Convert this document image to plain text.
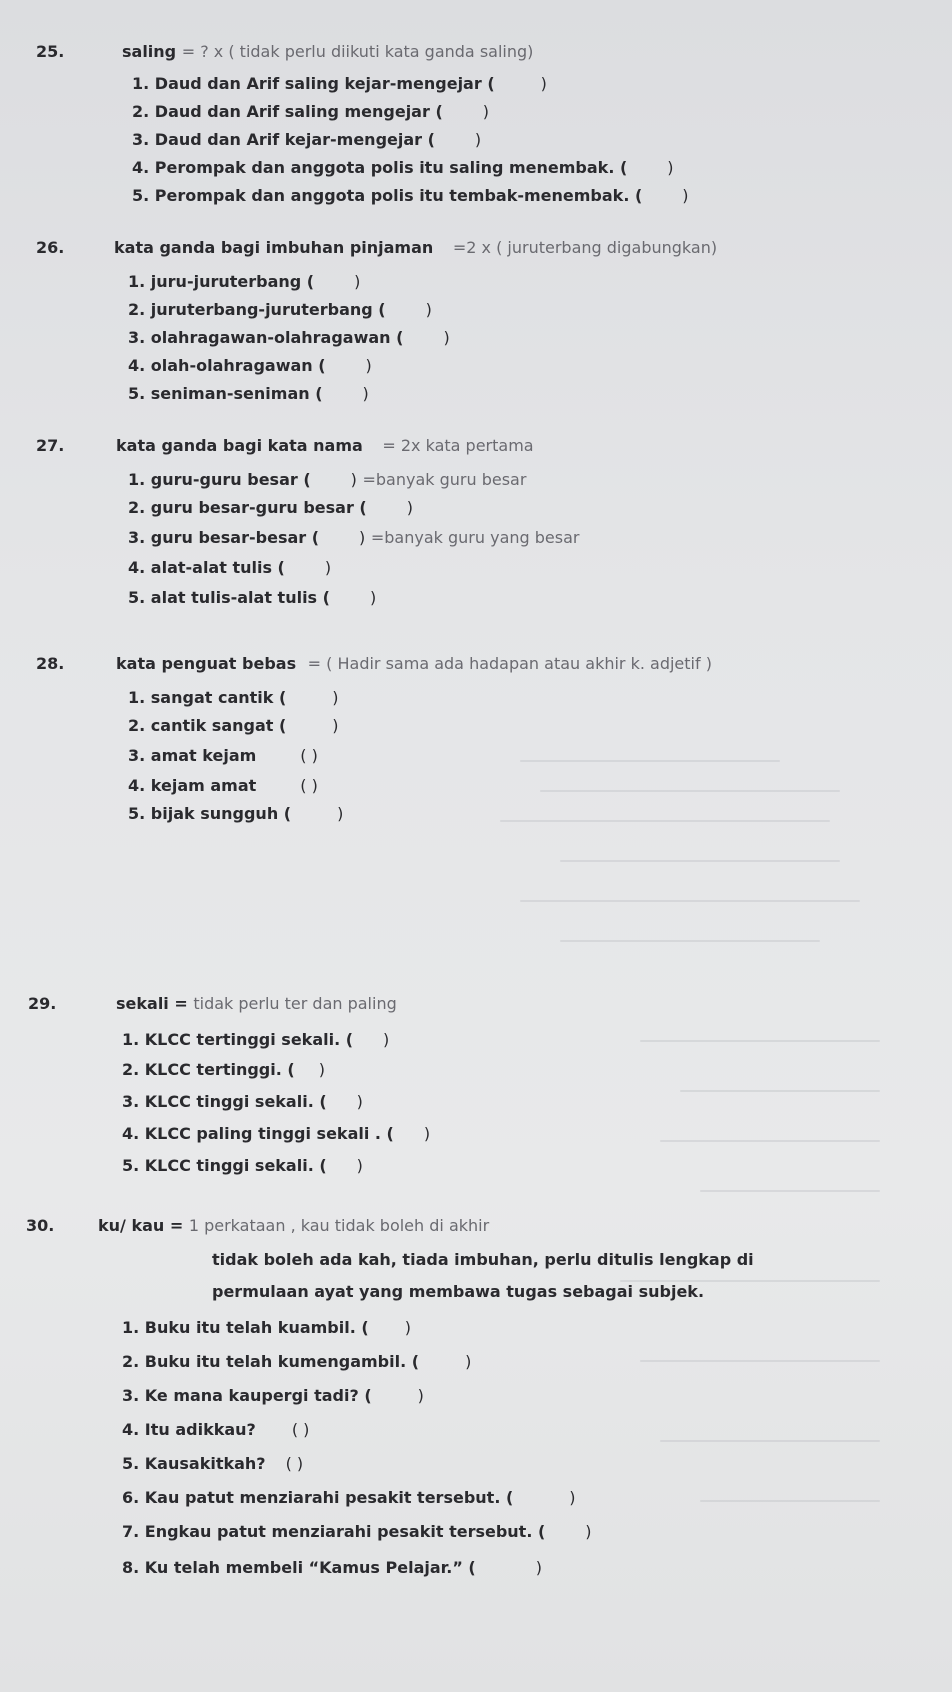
25.	saling = ? x ( tidak perlu diikuti kata ganda saling)
1. Daud dan Arif saling kejar-mengejar (	)
2. Daud dan Arif saling mengejar (	)
3. Daud dan Arif kejar-mengejar (	)
4. Perompak dan anggota polis itu saling menembak. (	)
5. Perompak dan anggota polis itu tembak-menembak. (	)
26.	kata ganda bagi imbuhan pinjaman =2 x ( juruterbang digabungkan)
1. juru-juruterbang (	)
2. juruterbang-juruterbang (	)
3. olahragawan-olahragawan (	)
4. olah-olahragawan (	)
5. seniman-seniman (	)
27.	kata ganda bagi kata nama = 2x kata pertama
1. guru-guru besar (	) =banyak guru besar
2. guru besar-guru besar (	)
3. guru besar-besar (	) =banyak guru yang besar
4. alat-alat tulis (	)
5. alat tulis-alat tulis (	)
28.	kata penguat bebas = ( Hadir sama ada hadapan atau akhir k. adjetif )
1. sangat cantik (	)
2. cantik sangat (	)
3. amat kejam	( )
4. kejam amat	( )
5. bijak sungguh (	)
29.	sekali = tidak perlu ter dan paling
1. KLCC tertinggi sekali. ( )
2. KLCC tertinggi. ( )
3. KLCC tinggi sekali. ( )
4. KLCC paling tinggi sekali . ( )
5. KLCC tinggi sekali. ( )
30.	ku/ kau = 1 perkataan , kau tidak boleh di akhir
tidak boleh ada kah, tiada imbuhan, perlu ditulis lengkap di
permulaan ayat yang membawa tugas sebagai subjek.
1. Buku itu telah kuambil. ( )
2. Buku itu telah kumengambil. (	)
3. Ke mana kaupergi tadi? (	)
4. Itu adikkau? ( )
5. Kausakitkah? ( )
6. Kau patut menziarahi pesakit tersebut. (	)
7. Engkau patut menziarahi pesakit tersebut. (	)
8. Ku telah membeli “Kamus Pelajar.” (	)
